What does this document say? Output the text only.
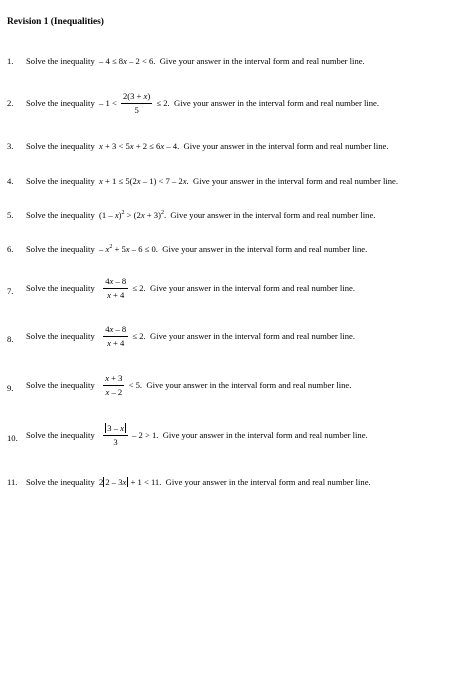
Revision 1 (Inequalities)
1. Solve the inequality – 4 ≤ 8x – 2 < 6. Give your answer in the interval form and real number line.
2. Solve the inequality – $1 < \frac{2(3 + x)}{5} \le 2$. Give your answer in the interval form and real number line.
3. Solve the inequality x + 3 < 5x + 2 ≤ 6x – 4. Give your answer in the interval form and real number line.
4. Solve the inequality x + 1 ≤ 5(2x – 1) < 7 – 2x. Give your answer in the interval form and real number line.
5. Solve the inequality $(1 - x)^2 > (2x + 3)^2$. Give your answer in the interval form and real number line.
6. Solve the inequality – $x^2 + 5x - 6 \le 0$. Give your answer in the interval form and real number line.
7. Solve the inequality $\frac{4x - 8}{x + 4} \le 2$. Give your answer in the interval form and real number line.
8. Solve the inequality $\frac{4x - 8}{x + 4} \le 2$. Give your answer in the interval form and real number line.
9. Solve the inequality $\frac{x + 3}{x - 2} < 5$. Give your answer in the interval form and real number line.
10. Solve the inequality $\frac{3 - x}{3} - 2 > 1$. Give your answer in the interval form and real number line.
11. Solve the inequality 2 2 – 3x + 1 < 11. Give your answer in the interval form and real number line.
